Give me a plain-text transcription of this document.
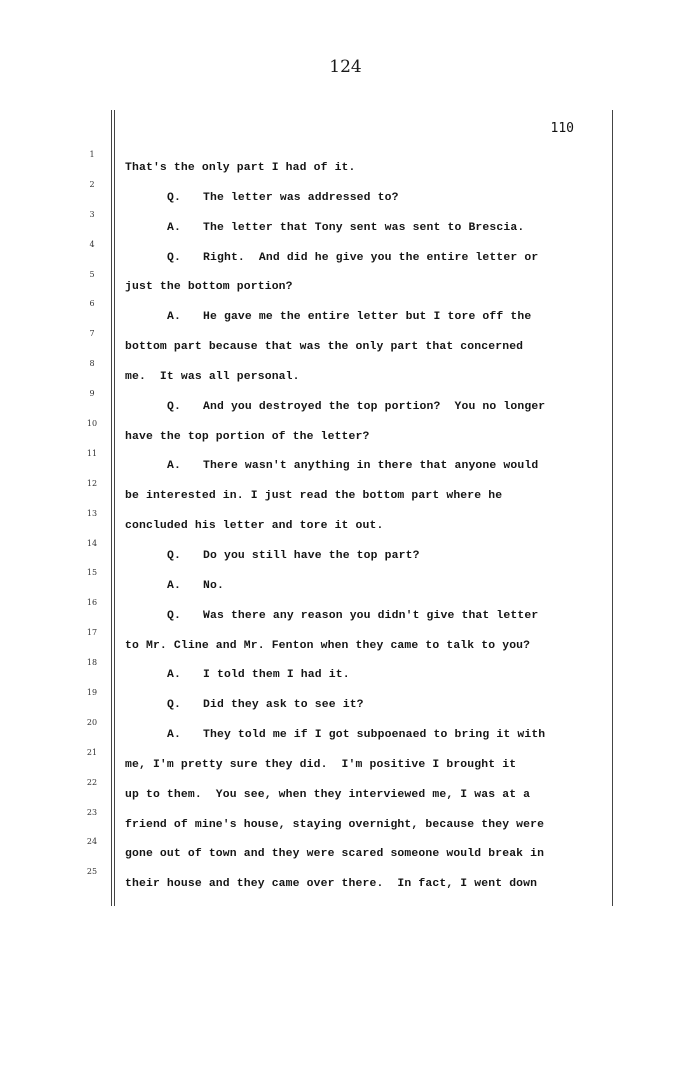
124
110
1
2
3
4
5
6
7
8
9
10
11
12
13
14
15
16
17
18
19
20
21
22
23
24
25
That's the only part I had of it.
Q. The letter was addressed to?
A. The letter that Tony sent was sent to Brescia.
Q. Right.  And did he give you the entire letter or
just the bottom portion?
A. He gave me the entire letter but I tore off the
bottom part because that was the only part that concerned
me.  It was all personal.
Q. And you destroyed the top portion?  You no longer
have the top portion of the letter?
A. There wasn't anything in there that anyone would
be interested in. I just read the bottom part where he
concluded his letter and tore it out.
Q. Do you still have the top part?
A. No.
Q. Was there any reason you didn't give that letter
to Mr. Cline and Mr. Fenton when they came to talk to you?
A. I told them I had it.
Q. Did they ask to see it?
A. They told me if I got subpoenaed to bring it with
me, I'm pretty sure they did.  I'm positive I brought it
up to them.  You see, when they interviewed me, I was at a
friend of mine's house, staying overnight, because they were
gone out of town and they were scared someone would break in
their house and they came over there.  In fact, I went down
